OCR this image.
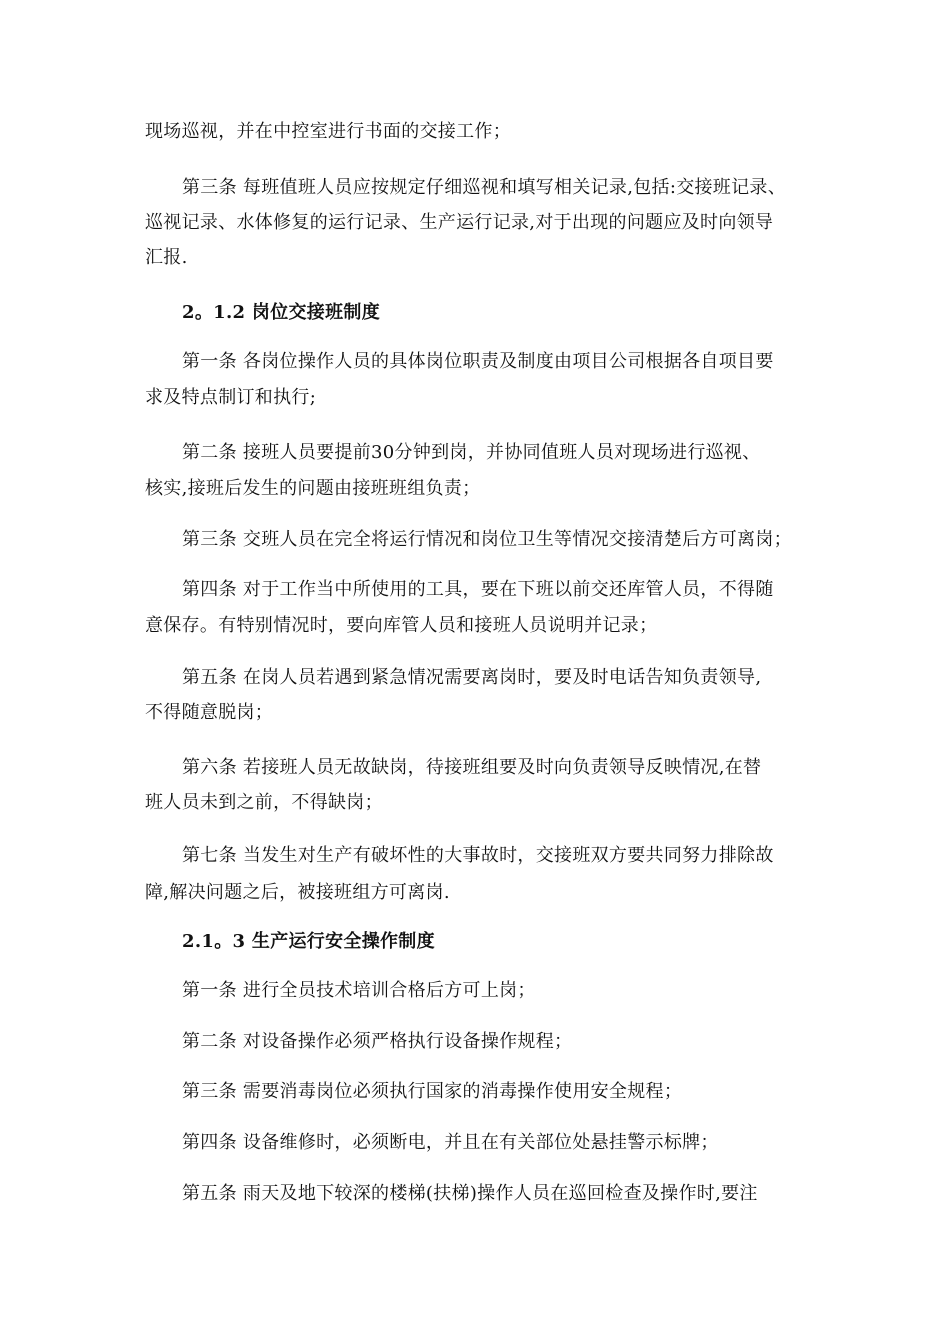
现场巡视，并在中控室进行书面的交接工作；
第三条 每班值班人员应按规定仔细巡视和填写相关记录,包括:交接班记录、
巡视记录、水体修复的运行记录、生产运行记录,对于出现的问题应及时向领导
汇报.
2。1.2 岗位交接班制度
第一条 各岗位操作人员的具体岗位职责及制度由项目公司根据各自项目要
求及特点制订和执行;
第二条 接班人员要提前30分钟到岗，并协同值班人员对现场进行巡视、
核实,接班后发生的问题由接班班组负责；
第三条 交班人员在完全将运行情况和岗位卫生等情况交接清楚后方可离岗；
第四条 对于工作当中所使用的工具，要在下班以前交还库管人员，不得随
意保存。有特别情况时，要向库管人员和接班人员说明并记录；
第五条 在岗人员若遇到紧急情况需要离岗时，要及时电话告知负责领导,
不得随意脱岗；
第六条 若接班人员无故缺岗，待接班组要及时向负责领导反映情况,在替
班人员未到之前，不得缺岗；
第七条 当发生对生产有破坏性的大事故时，交接班双方要共同努力排除故
障,解决问题之后，被接班组方可离岗.
2.1。3 生产运行安全操作制度
第一条 进行全员技术培训合格后方可上岗；
第二条 对设备操作必须严格执行设备操作规程；
第三条 需要消毒岗位必须执行国家的消毒操作使用安全规程；
第四条 设备维修时，必须断电，并且在有关部位处悬挂警示标牌；
第五条 雨天及地下较深的楼梯(扶梯)操作人员在巡回检查及操作时,要注
